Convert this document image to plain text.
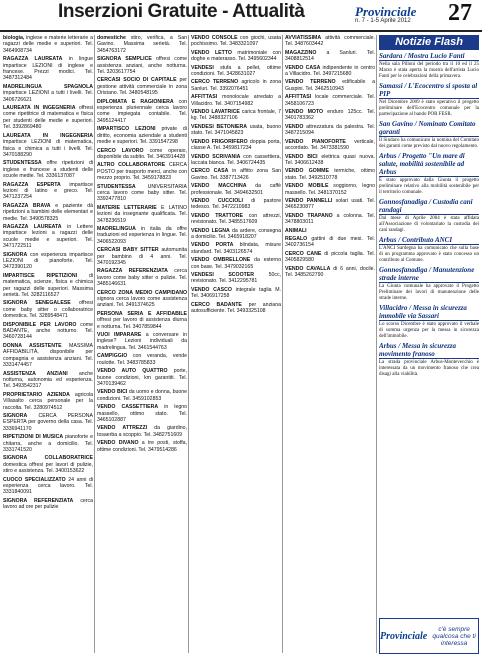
Inserzioni Gratuite - Attualità	Provinciale
n. 7 - 1-5 Aprile 2012 27
biologia, inglese e materie letterarie a ragazzi delle medie e superiori. Tel. 3464908734
RAGAZZA LAUREATA in lingue impartisce LEZIONI di inglese e francese. Prezzi modici. Tel. 3487312484
MADRELINGUA SPAGNOLA impartisce LEZIONI a tutti i livelli. Tel. 3406726621
LAUREATA IN INGEGNERIA offresi come ripetitrice di matematica e fisica per studenti delle medie e superiori. Tel. 3392869480
LAUREATA IN INGEGNERIA impartisce LEZIONI di matematica, fisica e chimica a tutti i livelli. Tel. 3470188290
STUDENTESSA offre ripetizioni di inglese e francese a studenti delle scuole medie. Tel. 3336137087
RAGAZZA ESPERTA impartisce lezioni di latino e greco. Tel. 3471237254
RAGAZZA BRAVA e paziente dà ripetizioni a bambini delle elementari e medie. Tel. 3490578325
RAGAZZA LAUREATA in Lettere impartisce lezioni a ragazzi delle scuole medie e superiori. Tel. 3471722511
SIGNORA con esperienza impartisce LEZIONI di pianoforte. Tel. 3472390120
IMPARTISCE RIPETIZIONI di matematica, scienze, fisica e chimica per ragazzi delle superiori. Massima serietà. Tel. 3282116527
SIGNORA SENEGALESE offresi come baby sitter o collaboratrice domestica. Tel. 3289548471
DISPONIBILE PER LAVORO come BADANTE, anche notturno. Tel. 3460728144
DONNA ASSISTENTE MASSIMA AFFIDABILITÀ, disponibile per compagnia e assistenza anziani. Tel. 3331474457
ASSISTENZA ANZIANI anche notturna, autonomia ed esperienza. Tel. 3493542317
PROPRIETARIO AZIENDA agricola Villasalto cerca personale per la raccolta. Tel. 3280974512
SIGNORA CERCA PERSONA ESPERTA per governo della casa. Tel. 3336941170
RIPETIZIONI DI MUSICA pianoforte e chitarra, anche a domicilio. Tel. 3331741520
SIGNORA COLLABORATRICE domestica offresi per lavori di pulizie, stiro e assistenza. Tel. 3400153622
CUOCO SPECIALIZZATO 24 anni di esperienza cerca lavoro. Tel. 3331840091
SIGNORA REFERENZIATA cerca lavoro ad ore per pulizie
domestiche stiro, verifica, a San Gavino. Massima serietà. Tel. 3454763172
SIGNORA SEMPLICE offresi come assistenza anziani, anche notturna. Tel. 3203617754
CERCASI SOCIO DI CAPITALE per gestione attività commerciale in zona Oristano. Tel. 3480548195
DIPLOMATA E RAGIONIERA con esperienza pluriennale cerca lavoro come impiegata contabile. Tel. 3495124417
IMPARTISCO LEZIONI private di diritto, economia aziendale a studenti medie e superiori. Tel. 3391547298
CERCO LAVORO come operaio, disponibile da subito. Tel. 3463914428
ALTRO COLLABORATORE CERCA POSTO per trasporto merci, anche con mezzo proprio. Tel. 3459178823
STUDENTESSA UNIVERSITARIA cerca lavoro come baby sitter. Tel. 3392477810
MATERIE LETTERARIE E LATINO lezioni da insegnante qualificata. Tel. 3478236519
MADRELINGUA in italia da offre traduzioni ed esperienza in lingue. Tel. 3406522093
CERCASI BABY SITTER automunita per bambino di 4 anni. Tel. 3470192345
RAGAZZA REFERENZIATA cerca lavoro come baby sitter o pulizie. Tel. 3485146631
CERCO ZONA MEDIO CAMPIDANO signora cerca lavoro come assistenza anziani. Tel. 3491374625
PERSONA SERIA E AFFIDABILE offresi per lavoro di assistenza diurna e notturna. Tel. 3407859844
VUOI IMPARARE a conversare in inglese? Lezioni individuali da madrelingua. Tel. 3461544763
CAMPIGGIO con veranda, vende roulotte. Tel. 3483785833
VENDO AUTO QUATTRO porte, buone condizioni, km garantiti. Tel. 3470139462
VENDO BICI da uomo e donna, buone condizioni. Tel. 3459102853
VENDO CASSETTIERA in legno massello, ottimo stato. Tel. 3465102887
VENDO ATTREZZI da giardino, tosaerba a scoppio. Tel. 3482751609
VENDO DIVANO a tre posti, stoffa, ottime condizioni. Tel. 3479514286
VENDO CONSOLE con giochi, usata pochissimo. Tel. 3483321097
VENDO LETTO matrimoniale con doghe e materasso. Tel. 3495602344
VENDESI stufa a pellet, ottime condizioni. Tel. 3428631027
CERCO TERRENO agricolo in zona Sanluri. Tel. 3392076451
AFFITTASI monolocale arredato a Villacidro. Tel. 3407154982
VENDO LAVATRICE carica frontale, 7 kg. Tel. 3488327106
VENDESI BETONIERA usata, buono stato. Tel. 3471045823
VENDO FRIGORIFERO doppia porta, classe A. Tel. 3459817234
VENDO SCRIVANIA con cassettiera, laccata bianca. Tel. 3406724435
CERCO CASA in affitto zona San Gavino. Tel. 3387713426
VENDO MACCHINA da caffè professionale. Tel. 3494632501
VENDO CUCCIOLI di pastore tedesco. Tel. 3472210983
VENDO TRATTORE con attrezzi, revisionato. Tel. 3485517609
VENDO LEGNA da ardere, consegna a domicilio. Tel. 3465918207
VENDO PORTA blindata, misure standard. Tel. 3403126574
VENDO OMBRELLONE da esterno con base. Tel. 3479032165
VENDESI SCOOTER	50cc, revisionato. Tel. 3412295781
VENDO CASCO integrale taglia M. Tel. 3406917258
CERCO BADANTE per anziana autosufficiente. Tel. 3493325108
AVVIATISSIMA attività commerciale. Tel. 3487603442
MAGAZZINO a Sanluri. Tel. 3408812514
VENDO CASA indipendente in centro a Villacidro. Tel. 3497215680
VENDO TERRENO edificabile a Guspini. Tel. 3462510943
AFFITTASI locale commerciale. Tel. 3458106723
VENDO MOTO enduro 125cc. Tel. 3401783362
VENDO attrezzatura da palestra. Tel. 3487215094
VENDO PIANOFORTE verticale, accordato. Tel. 3473381590
VENDO BICI elettrica quasi nuova. Tel. 3406612438
VENDO GOMME termiche, ottimo stato. Tel. 3492510778
VENDO MOBILE soggiorno, legno massello. Tel. 3481370152
VENDO PANNELLI solari usati. Tel. 3465230877
VENDO TRAPANO a colonna. Tel. 3478803011
ANIMALI
REGALO gattini di due mesi. Tel. 3402736154
CERCO CANE di piccola taglia. Tel. 3405829580
VENDO CAVALLA di 6 anni, docile. Tel. 3485262790
Notizie Flash
Sardara / Mostra Lucio Fanti

Nella sala Pilloni del periodo tra il 10 ed il 25 Marzo è stata aperta la mostra dell'artista Lucio Fanti per le celebrazioni della primavera.

Samassi / L'Ecocentro si sposta al PIP

Nel Dicembre 2009 è stato operativo il progetto preliminare dell'Ecocentro comunale per la partecipazione al bando POR FESR.

San Gavino / Nominato Comitato garanti

Il Sindaco ha comunicato la nomina del Comitato dei garanti come previsto dal nuovo regolamento.

Arbus / Progetto "Un mare di salute, mobilità sostenibile ad Arbus

È stato approvato dalla Giunta il progetto preliminare relativo alla mobilità sostenibile per il territorio comunale.

Gonnosfanadiga / Custodia cani randagi

Dal mese di Aprile 2004 è stata affidata all'Associazione di volontariato la custodia dei cani randagi.

Arbus / Contributo ANCI

L'ANCI Sardegna ha comunicato che sulla base di un programma approvato è stato concesso un contributo al Comune.

Gonnosfanadiga / Manutenzione strade interne

La Giunta comunale ha approvato il Progetto Preliminare dei lavori di manutenzione delle strade interne.

Villacidro / Messa in sicurezza immobile via Sassari

Lo scorso Dicembre è stato approvato il verbale di somma urgenza per la messa in sicurezza dell'immobile.

Arbus / Messa in sicurezza movimento franoso

La strada provinciale Arbus-Montevecchio è interessata da un movimento franoso che crea disagi alla viabilità.

Provinciale
c'è sempre qualcosa che ti interessa
